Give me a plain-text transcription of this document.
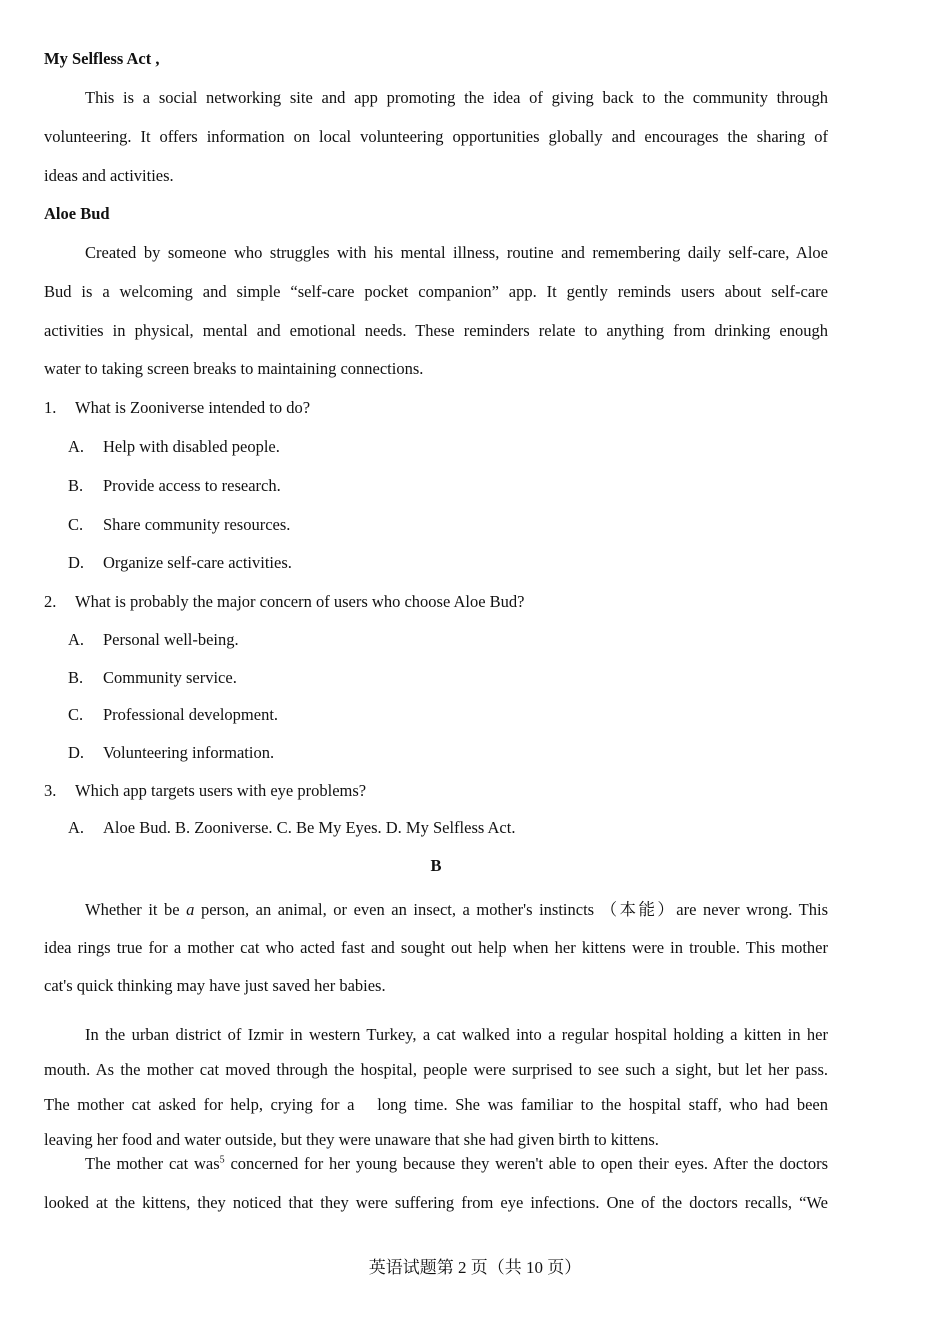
My Selfless Act ,
This is a social networking site and app promoting the idea of giving back to the community through
volunteering. It offers information on local volunteering opportunities globally and encourages the sharing of
ideas and activities.
Aloe Bud
Created by someone who struggles with his mental illness, routine and remembering daily self-care, Aloe
Bud is a welcoming and simple “self-care pocket companion” app. It gently reminds users about self-care
activities in physical, mental and emotional needs. These reminders relate to anything from drinking enough
water to taking screen breaks to maintaining connections.
1. What is Zooniverse intended to do?
A. Help with disabled people.
B. Provide access to research.
C. Share community resources.
D. Organize self-care activities.
2. What is probably the major concern of users who choose Aloe Bud?
A. Personal well-being.
B. Community service.
C. Professional development.
D. Volunteering information.
3. Which app targets users with eye problems?
A. Aloe Bud. B. Zooniverse. C. Be My Eyes. D. My Selfless Act.
B
Whether it be a person, an animal, or even an insect, a mother's instincts （本能）are never wrong. This
idea rings true for a mother cat who acted fast and sought out help when her kittens were in trouble. This mother
cat's quick thinking may have just saved her babies.
In the urban district of Izmir in western Turkey, a cat walked into a regular hospital holding a kitten in her
mouth. As the mother cat moved through the hospital, people were surprised to see such a sight, but let her pass.
The mother cat asked for help, crying for a   long time. She was familiar to the hospital staff, who had been
leaving her food and water outside, but they were unaware that she had given birth to kittens.
The mother cat was$^5$ concerned for her young because they weren't able to open their eyes. After the doctors
looked at the kittens, they noticed that they were suffering from eye infections. One of the doctors recalls, “We
英语试题第 2 页（共 10 页）
